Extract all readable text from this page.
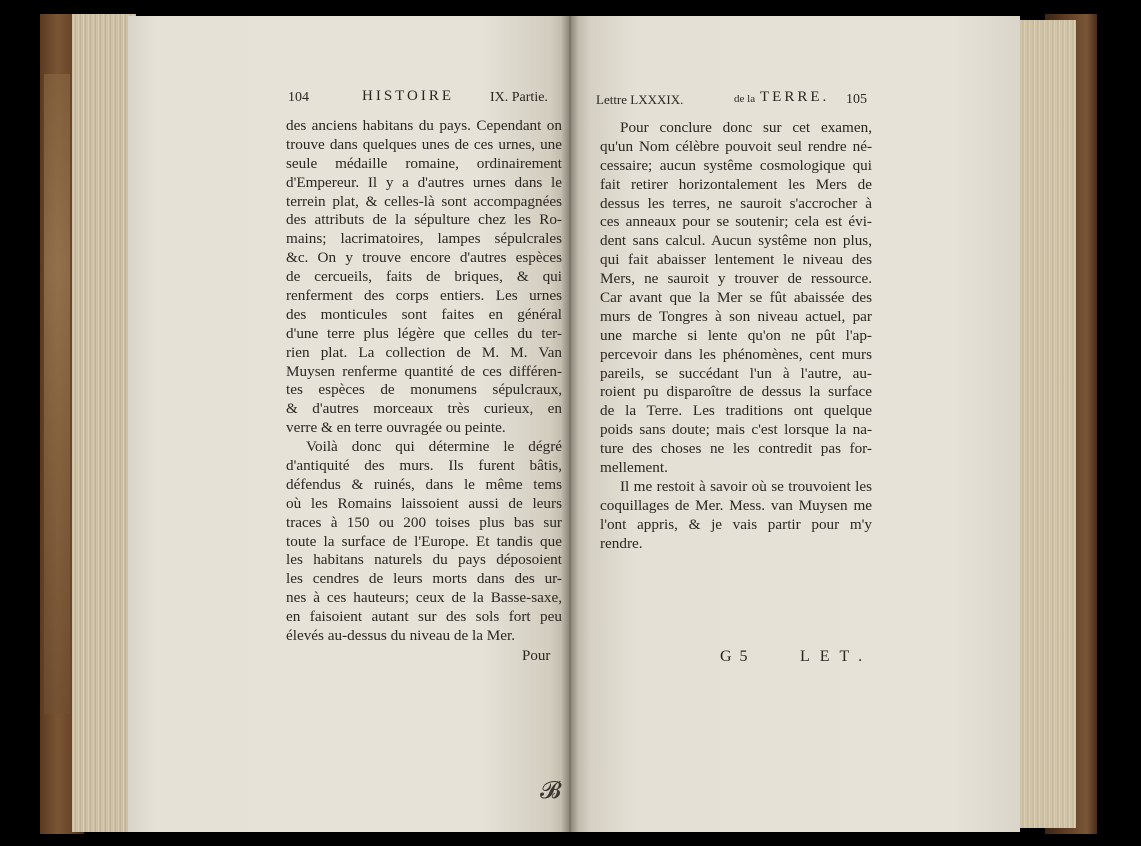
104	HISTOIRE	IX. Partie.	Lettre LXXXIX.	de la TERRE. 105
des anciens habitans du pays. Cependant on
trouve dans quelques unes de ces urnes, une
seule médaille romaine, ordinairement
d'Empereur. Il y a d'autres urnes dans le
terrein plat, & celles-là sont accompagnées
des attributs de la sépulture chez les Ro-
mains; lacrimatoires, lampes sépulcrales
&c. On y trouve encore d'autres espèces
de cercueils, faits de briques, & qui
renferment des corps entiers. Les urnes
des monticules sont faites en général
d'une terre plus légère que celles du ter-
rien plat. La collection de M. M. Van
Muysen renferme quantité de ces différen-
tes espèces de monumens sépulcraux,
& d'autres morceaux très curieux, en
verre & en terre ouvragée ou peinte.
Voilà donc qui détermine le dégré
d'antiquité des murs. Ils furent bâtis,
défendus & ruinés, dans le même tems
où les Romains laissoient aussi de leurs
traces à 150 ou 200 toises plus bas sur
toute la surface de l'Europe. Et tandis que
les habitans naturels du pays déposoient
les cendres de leurs morts dans des ur-
nes à ces hauteurs; ceux de la Basse-saxe,
en faisoient autant sur des sols fort peu
élevés au-dessus du niveau de la Mer.
Pour
𝓑
Pour conclure donc sur cet examen,
qu'un Nom célèbre pouvoit seul rendre né-
cessaire; aucun systême cosmologique qui
fait retirer horizontalement les Mers de
dessus les terres, ne sauroit s'accrocher à
ces anneaux pour se soutenir; cela est évi-
dent sans calcul. Aucun systême non plus,
qui fait abaisser lentement le niveau des
Mers, ne sauroit y trouver de ressource.
Car avant que la Mer se fût abaissée des
murs de Tongres à son niveau actuel, par
une marche si lente qu'on ne pût l'ap-
percevoir dans les phénomènes, cent murs
pareils, se succédant l'un à l'autre, au-
roient pu disparoître de dessus la surface
de la Terre. Les traditions ont quelque
poids sans doute; mais c'est lorsque la na-
ture des choses ne les contredit pas for-
mellement.
Il me restoit à savoir où se trouvoient les
coquillages de Mer. Mess. van Muysen me
l'ont appris, & je vais partir pour m'y
rendre.
G 5	LET.
